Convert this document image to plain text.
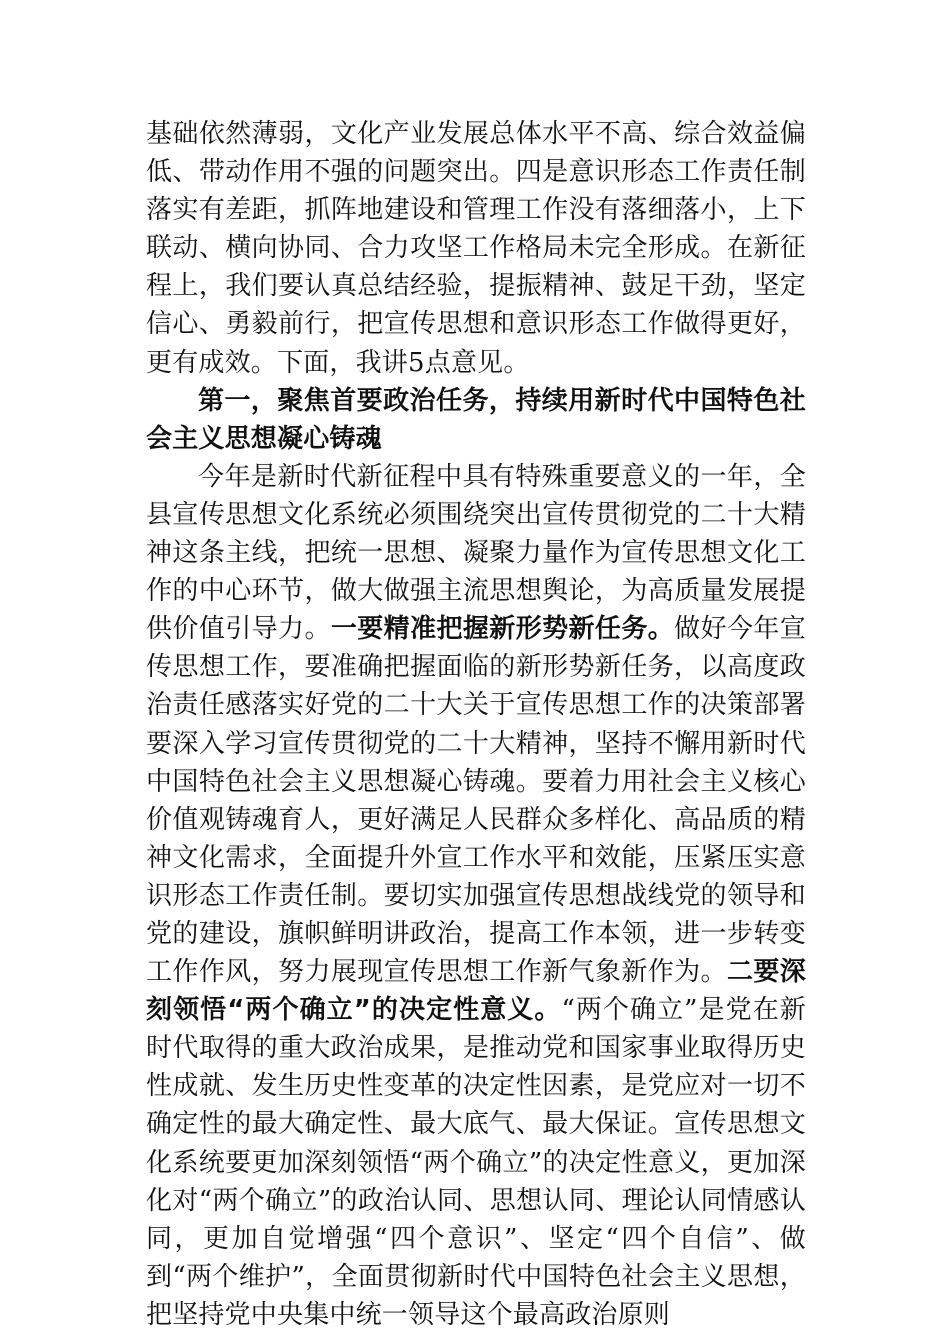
基础依然薄弱，文化产业发展总体水平不高、综合效益偏低、带动作用不强的问题突出。四是意识形态工作责任制落实有差距，抓阵地建设和管理工作没有落细落小，上下联动、横向协同、合力攻坚工作格局未完全形成。在新征程上，我们要认真总结经验，提振精神、鼓足干劲，坚定信心、勇毅前行，把宣传思想和意识形态工作做得更好，更有成效。下面，我讲5点意见。

第一，聚焦首要政治任务，持续用新时代中国特色社会主义思想凝心铸魂

今年是新时代新征程中具有特殊重要意义的一年，全县宣传思想文化系统必须围绕突出宣传贯彻党的二十大精神这条主线，把统一思想、凝聚力量作为宣传思想文化工作的中心环节，做大做强主流思想舆论，为高质量发展提供价值引导力。一要精准把握新形势新任务。做好今年宣传思想工作，要准确把握面临的新形势新任务，以高度政治责任感落实好党的二十大关于宣传思想工作的决策部署要深入学习宣传贯彻党的二十大精神，坚持不懈用新时代中国特色社会主义思想凝心铸魂。要着力用社会主义核心价值观铸魂育人，更好满足人民群众多样化、高品质的精神文化需求，全面提升外宣工作水平和效能，压紧压实意识形态工作责任制。要切实加强宣传思想战线党的领导和党的建设，旗帜鲜明讲政治，提高工作本领，进一步转变工作作风，努力展现宣传思想工作新气象新作为。二要深刻领悟“两个确立”的决定性意义。“两个确立”是党在新时代取得的重大政治成果，是推动党和国家事业取得历史性成就、发生历史性变革的决定性因素，是党应对一切不确定性的最大确定性、最大底气、最大保证。宣传思想文化系统要更加深刻领悟“两个确立”的决定性意义，更加深化对“两个确立”的政治认同、思想认同、理论认同情感认同，更加自觉增强“四个意识”、坚定“四个自信”、做到“两个维护”，全面贯彻新时代中国特色社会主义思想，把坚持党中央集中统一领导这个最高政治原则
